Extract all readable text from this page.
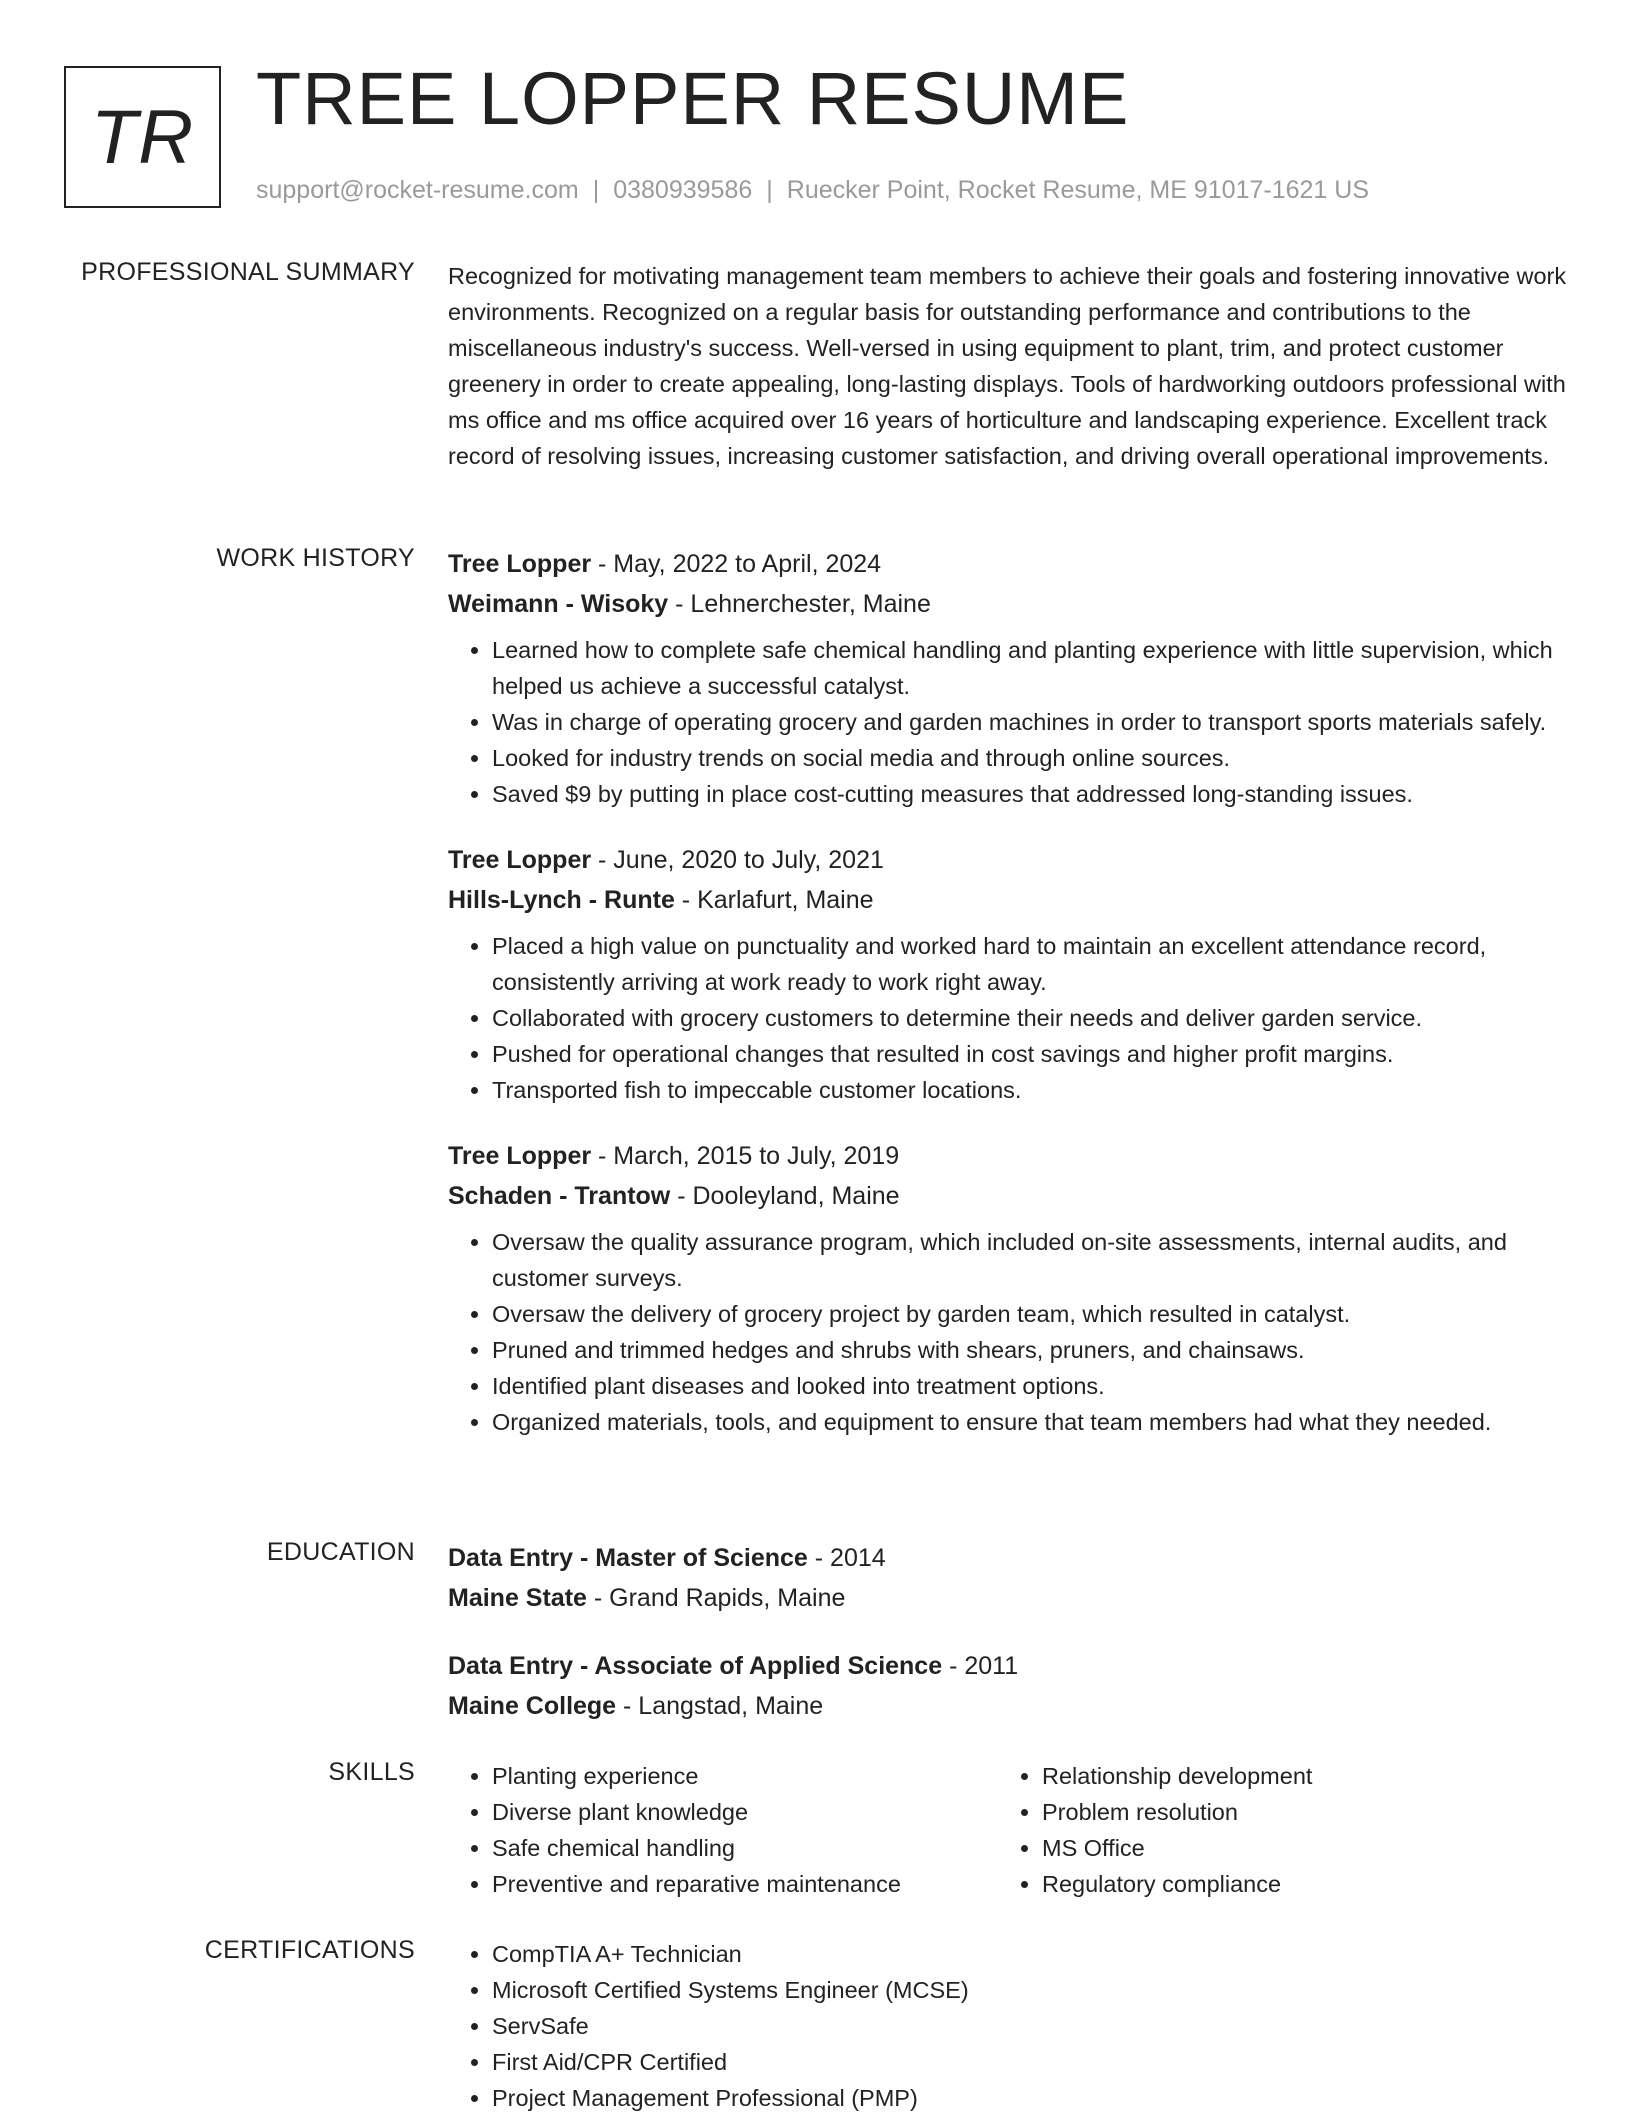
TR TREE LOPPER RESUME
support@rocket-resume.com | 0380939586 | Ruecker Point, Rocket Resume, ME 91017-1621 US
PROFESSIONAL SUMMARY Recognized for motivating management team members to achieve their goals and fostering innovative work environments. Recognized on a regular basis for outstanding performance and contributions to the miscellaneous industry's success. Well-versed in using equipment to plant, trim, and protect customer greenery in order to create appealing, long-lasting displays. Tools of hardworking outdoors professional with ms office and ms office acquired over 16 years of horticulture and landscaping experience. Excellent track record of resolving issues, increasing customer satisfaction, and driving overall operational improvements.

WORK HISTORY Tree Lopper - May, 2022 to April, 2024
Weimann - Wisoky - Lehnerchester, Maine
• Learned how to complete safe chemical handling and planting experience with little supervision, which helped us achieve a successful catalyst.
• Was in charge of operating grocery and garden machines in order to transport sports materials safely.
• Looked for industry trends on social media and through online sources.
• Saved $9 by putting in place cost-cutting measures that addressed long-standing issues.
Tree Lopper - June, 2020 to July, 2021
Hills-Lynch - Runte - Karlafurt, Maine
• Placed a high value on punctuality and worked hard to maintain an excellent attendance record, consistently arriving at work ready to work right away.
• Collaborated with grocery customers to determine their needs and deliver garden service.
• Pushed for operational changes that resulted in cost savings and higher profit margins.
• Transported fish to impeccable customer locations.
Tree Lopper - March, 2015 to July, 2019
Schaden - Trantow - Dooleyland, Maine
• Oversaw the quality assurance program, which included on-site assessments, internal audits, and customer surveys.
• Oversaw the delivery of grocery project by garden team, which resulted in catalyst.
• Pruned and trimmed hedges and shrubs with shears, pruners, and chainsaws.
• Identified plant diseases and looked into treatment options.
• Organized materials, tools, and equipment to ensure that team members had what they needed.
EDUCATION Data Entry - Master of Science - 2014
Maine State - Grand Rapids, Maine
Data Entry - Associate of Applied Science - 2011
Maine College - Langstad, Maine
SKILLS	• Planting experience
• Diverse plant knowledge
• Safe chemical handling
• Preventive and reparative maintenance
• Relationship development
• Problem resolution
• MS Office
• Regulatory compliance
CERTIFICATIONS	• CompTIA A+ Technician
• Microsoft Certified Systems Engineer (MCSE)
• ServSafe
• First Aid/CPR Certified
• Project Management Professional (PMP)
